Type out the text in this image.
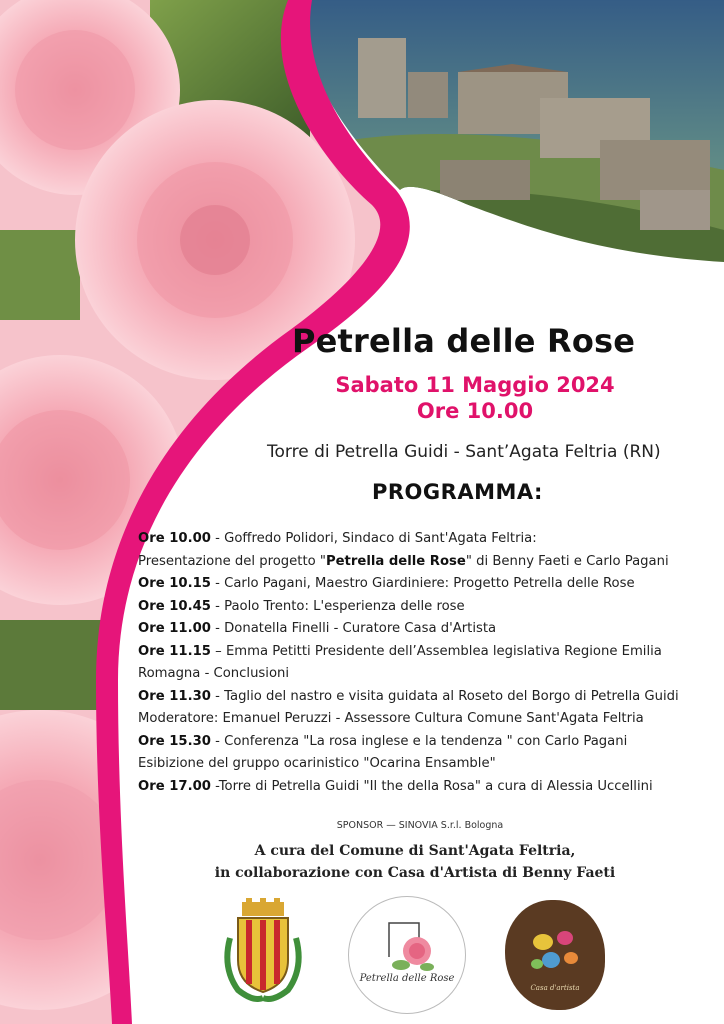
Petrella delle Rose
Sabato 11 Maggio 2024
Ore 10.00
Torre di Petrella Guidi - Sant’Agata Feltria (RN)
PROGRAMMA:
Ore 10.00 - Goffredo Polidori, Sindaco di Sant'Agata Feltria:
Presentazione del progetto "Petrella delle Rose" di Benny Faeti e Carlo Pagani
Ore 10.15 - Carlo Pagani, Maestro Giardiniere: Progetto Petrella delle Rose
Ore 10.45 - Paolo Trento: L'esperienza delle rose
Ore 11.00 - Donatella Finelli - Curatore Casa d'Artista
Ore 11.15 – Emma Petitti Presidente dell’Assemblea legislativa Regione Emilia
Romagna - Conclusioni
Ore 11.30 - Taglio del nastro e visita guidata al Roseto del Borgo di Petrella Guidi
Moderatore: Emanuel Peruzzi - Assessore Cultura Comune Sant'Agata Feltria
Ore 15.30 - Conferenza "La rosa inglese e la tendenza " con Carlo Pagani
Esibizione del gruppo ocarinistico "Ocarina Ensamble"
Ore 17.00 -Torre di Petrella Guidi "Il the della Rosa" a cura di Alessia Uccellini
SPONSOR — SINOVIA S.r.l. Bologna
A cura del Comune di Sant'Agata Feltria,
in collaborazione con Casa d'Artista di Benny Faeti
Petrella delle Rose
Casa d'artista
